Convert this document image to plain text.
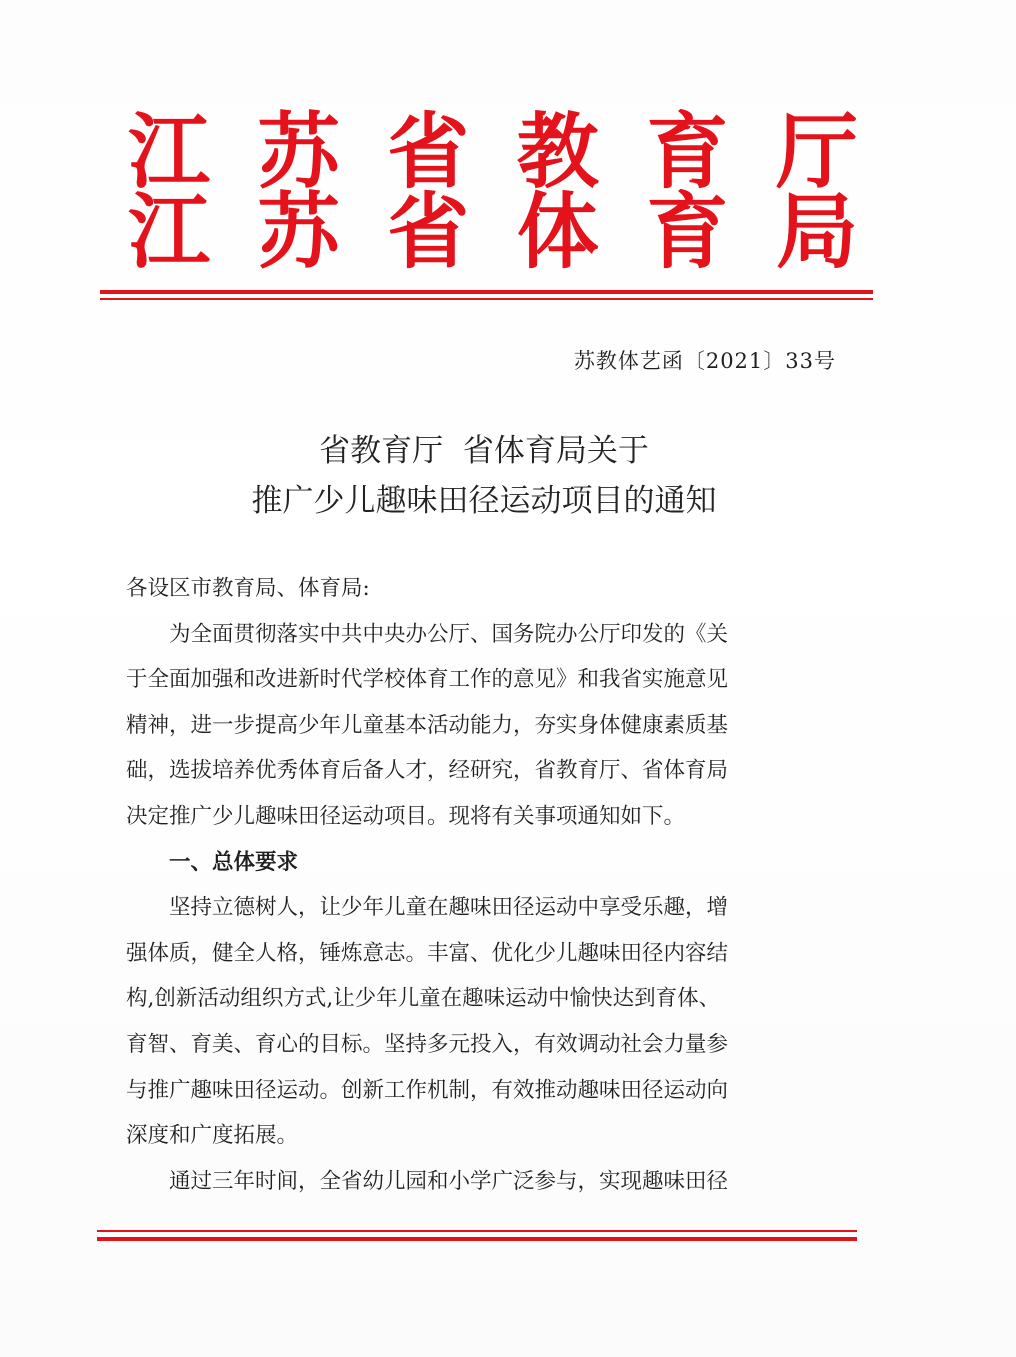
江 苏 省 教 育 厅
江 苏 省 体 育 局
苏教体艺函〔2021〕33号
省教育厅  省体育局关于
推广少儿趣味田径运动项目的通知
各设区市教育局、体育局:
为全面贯彻落实中共中央办公厅、国务院办公厅印发的《关
于全面加强和改进新时代学校体育工作的意见》和我省实施意见
精神，进一步提高少年儿童基本活动能力，夯实身体健康素质基
础，选拔培养优秀体育后备人才，经研究，省教育厅、省体育局
决定推广少儿趣味田径运动项目。现将有关事项通知如下。
一、总体要求
坚持立德树人，让少年儿童在趣味田径运动中享受乐趣，增
强体质，健全人格，锤炼意志。丰富、优化少儿趣味田径内容结
构,创新活动组织方式,让少年儿童在趣味运动中愉快达到育体、
育智、育美、育心的目标。坚持多元投入，有效调动社会力量参
与推广趣味田径运动。创新工作机制，有效推动趣味田径运动向
深度和广度拓展。
通过三年时间，全省幼儿园和小学广泛参与，实现趣味田径
